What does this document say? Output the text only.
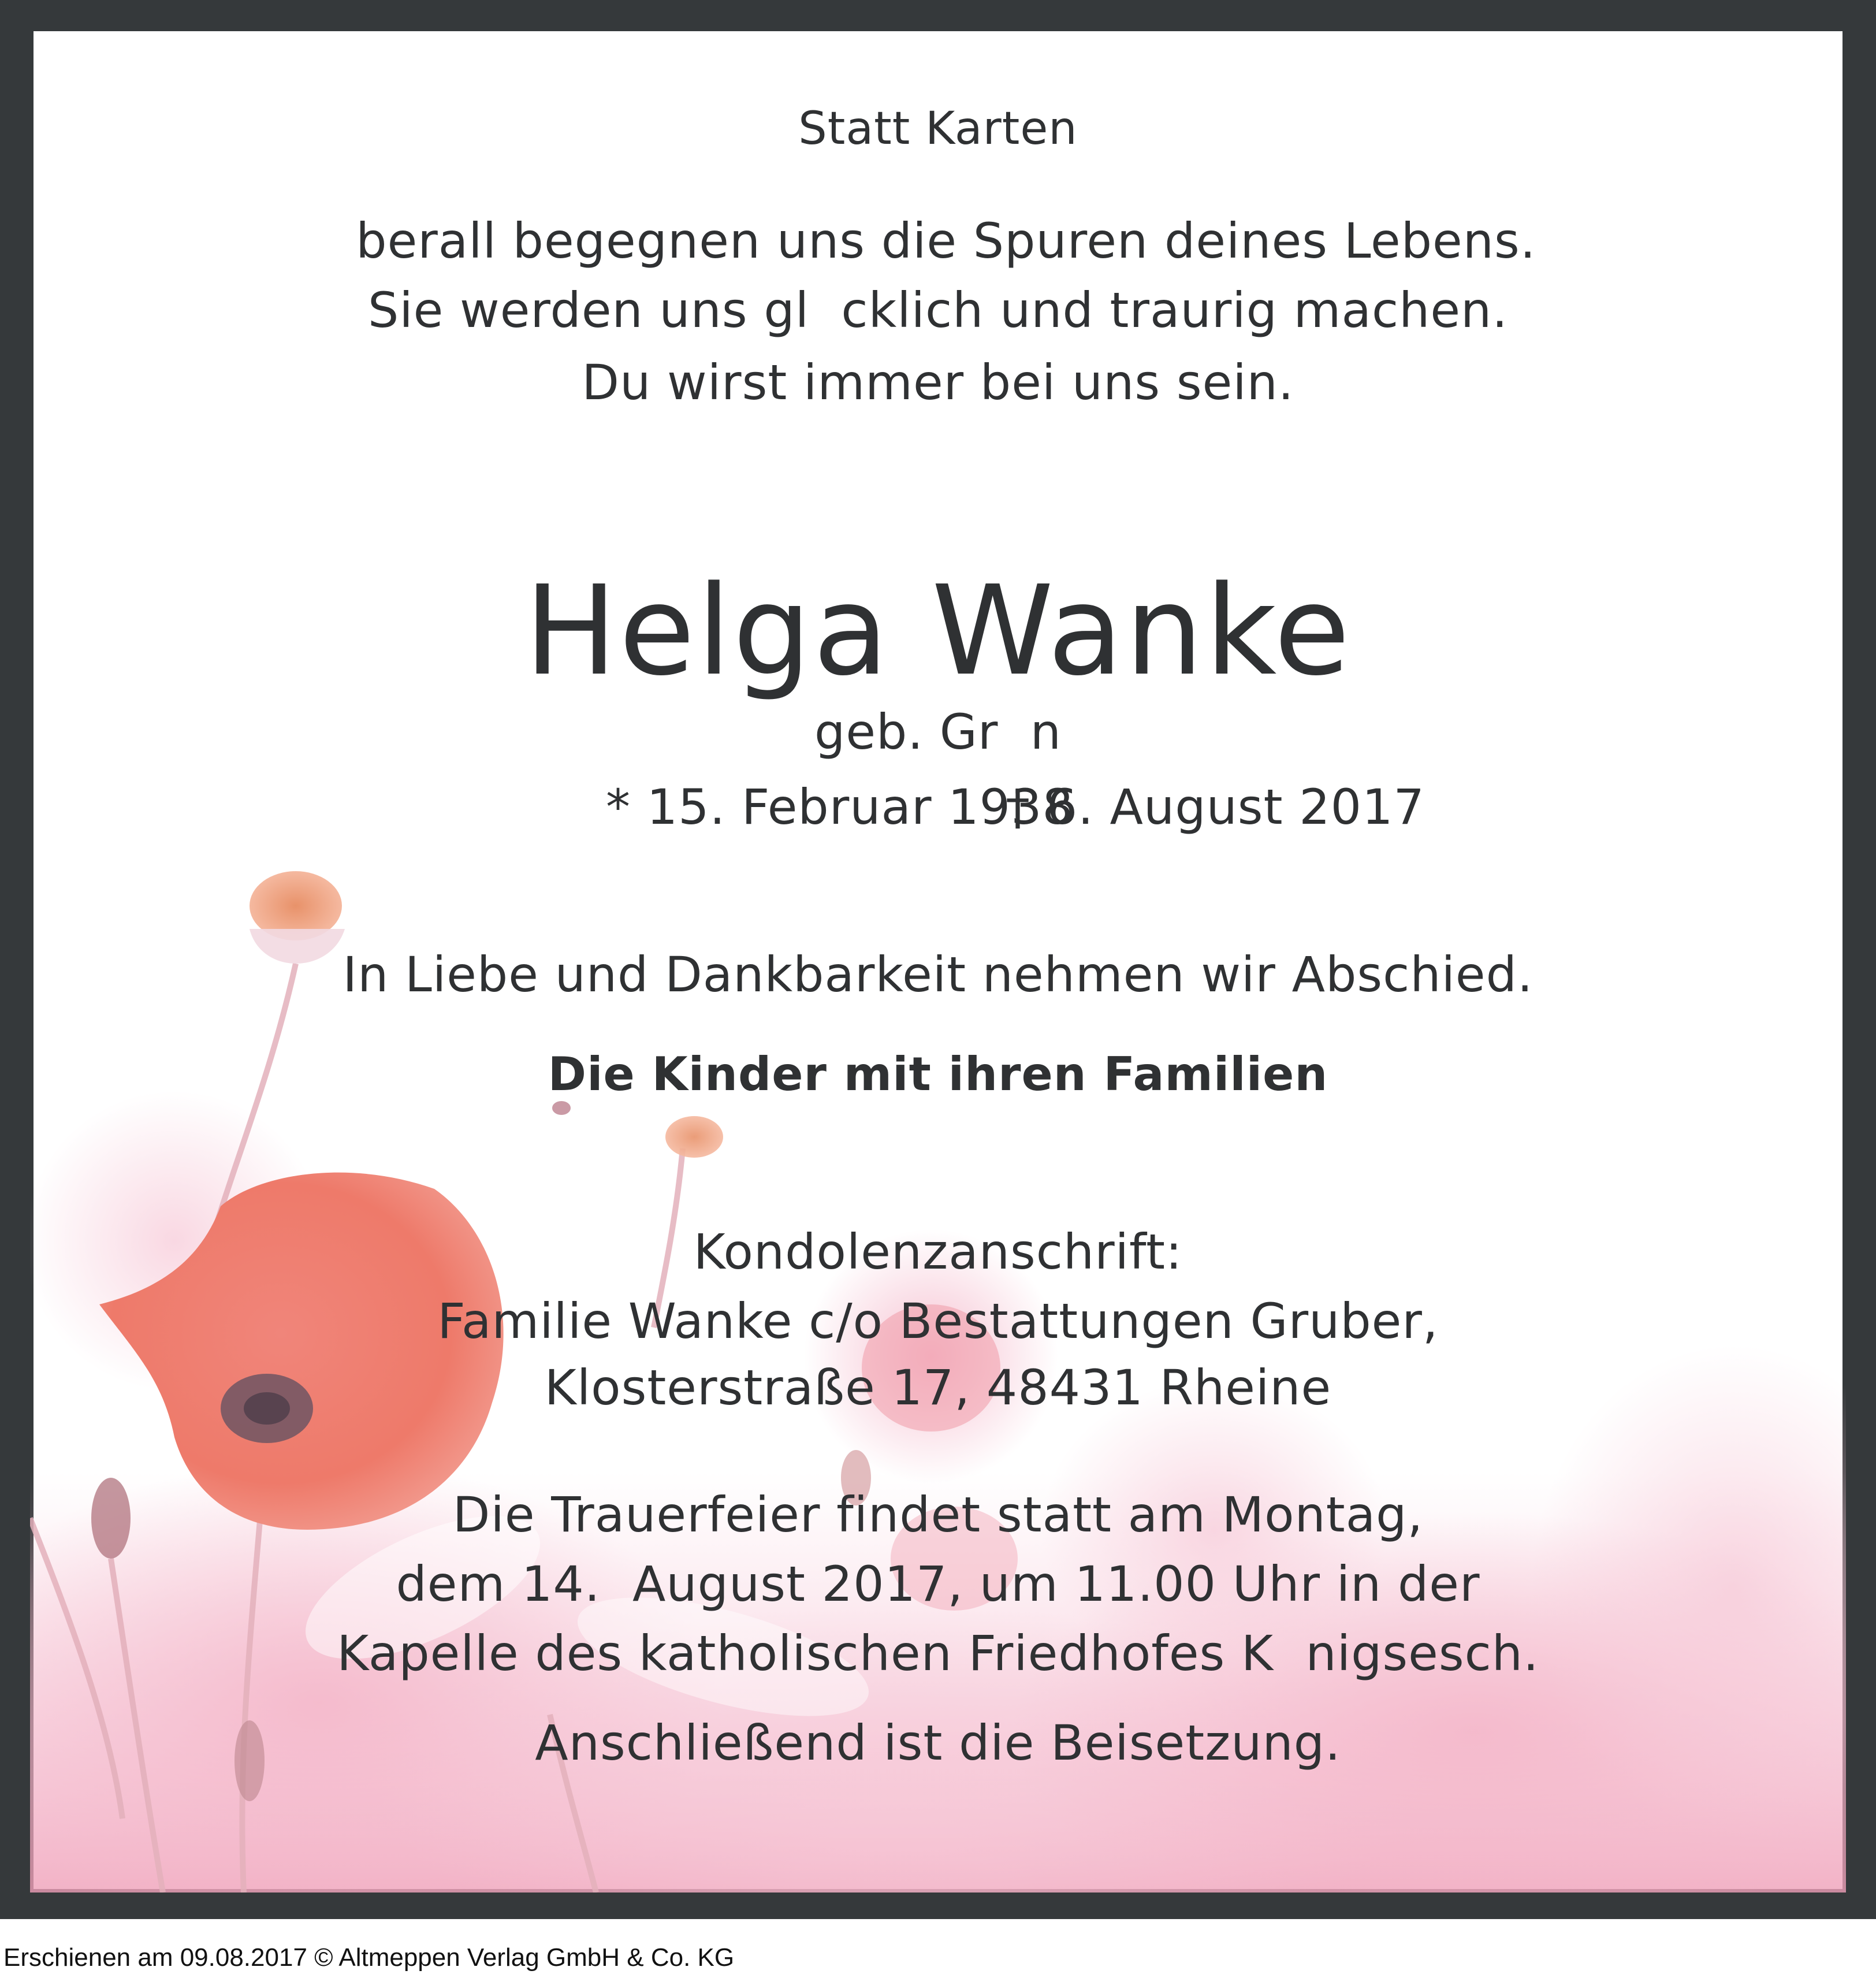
Statt Karten
berall begegnen uns die Spuren deines Lebens.
Sie werden uns gl  cklich und traurig machen.
Du wirst immer bei uns sein.
Helga Wanke
geb. Gr  n
* 15. Februar 1938
† 6. August 2017
In Liebe und Dankbarkeit nehmen wir Abschied.
Die Kinder mit ihren Familien
Kondolenzanschrift:
Familie Wanke c/o Bestattungen Gruber,
Klosterstraße 17, 48431 Rheine
Die Trauerfeier findet statt am Montag,
dem 14.  August 2017, um 11.00 Uhr in der
Kapelle des katholischen Friedhofes K  nigsesch.
Anschließend ist die Beisetzung.
Erschienen am 09.08.2017 © Altmeppen Verlag GmbH & Co. KG
